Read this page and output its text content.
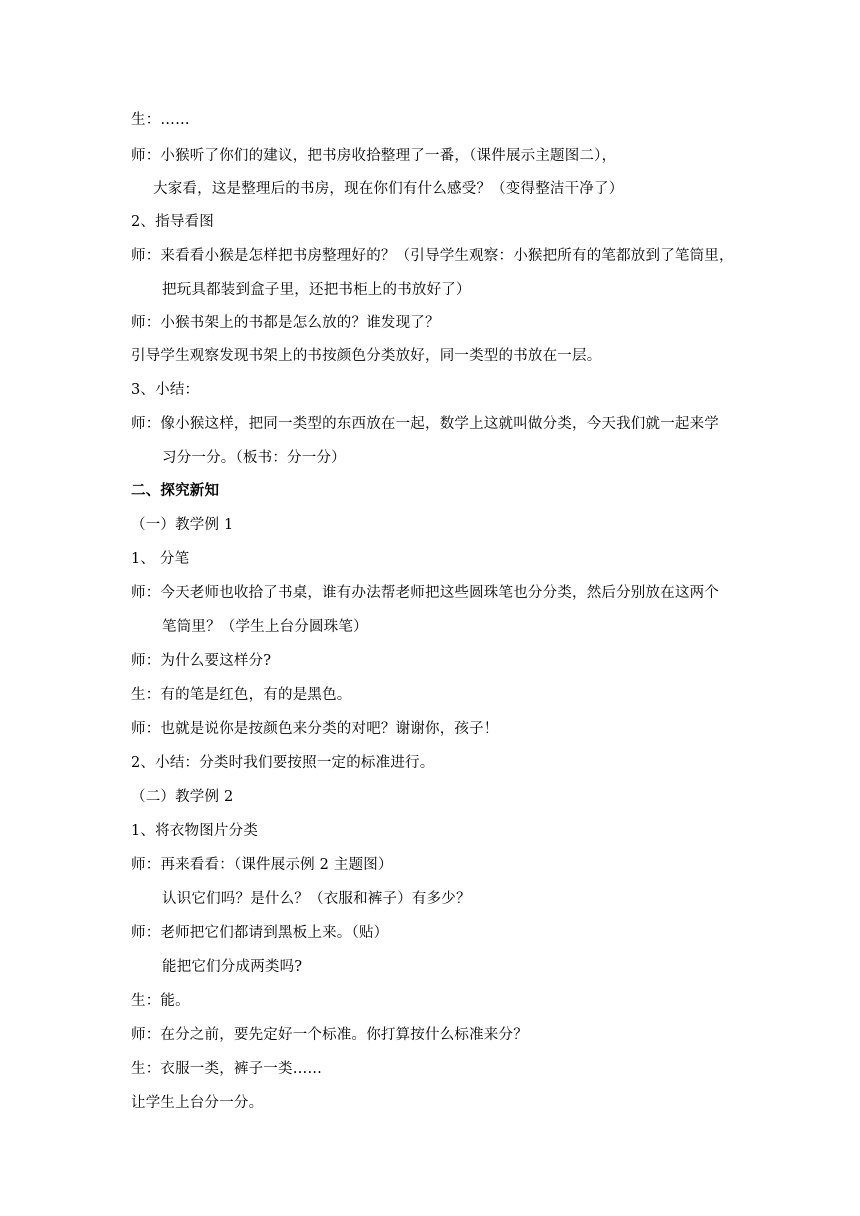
生：……
师：小猴听了你们的建议，把书房收拾整理了一番，（课件展示主题图二），
大家看，这是整理后的书房，现在你们有什么感受？（变得整洁干净了）
2、指导看图
师：来看看小猴是怎样把书房整理好的？（引导学生观察：小猴把所有的笔都放到了笔筒里，
把玩具都装到盒子里，还把书柜上的书放好了）
师：小猴书架上的书都是怎么放的？谁发现了？
引导学生观察发现书架上的书按颜色分类放好，同一类型的书放在一层。
3、小结：
师：像小猴这样，把同一类型的东西放在一起，数学上这就叫做分类，今天我们就一起来学
习分一分。（板书：分一分）
二、探究新知
（一）教学例 1
1、 分笔
师：今天老师也收拾了书桌，谁有办法帮老师把这些圆珠笔也分分类，然后分别放在这两个
笔筒里？（学生上台分圆珠笔）
师：为什么要这样分?
生：有的笔是红色，有的是黑色。
师：也就是说你是按颜色来分类的对吧？谢谢你，孩子！
2、小结：分类时我们要按照一定的标准进行。
（二）教学例 2
1、将衣物图片分类
师：再来看看：（课件展示例 2 主题图）
认识它们吗？是什么？（衣服和裤子）有多少？
师：老师把它们都请到黑板上来。（贴）
能把它们分成两类吗?
生：能。
师：在分之前，要先定好一个标准。你打算按什么标准来分？
生：衣服一类，裤子一类……
让学生上台分一分。
